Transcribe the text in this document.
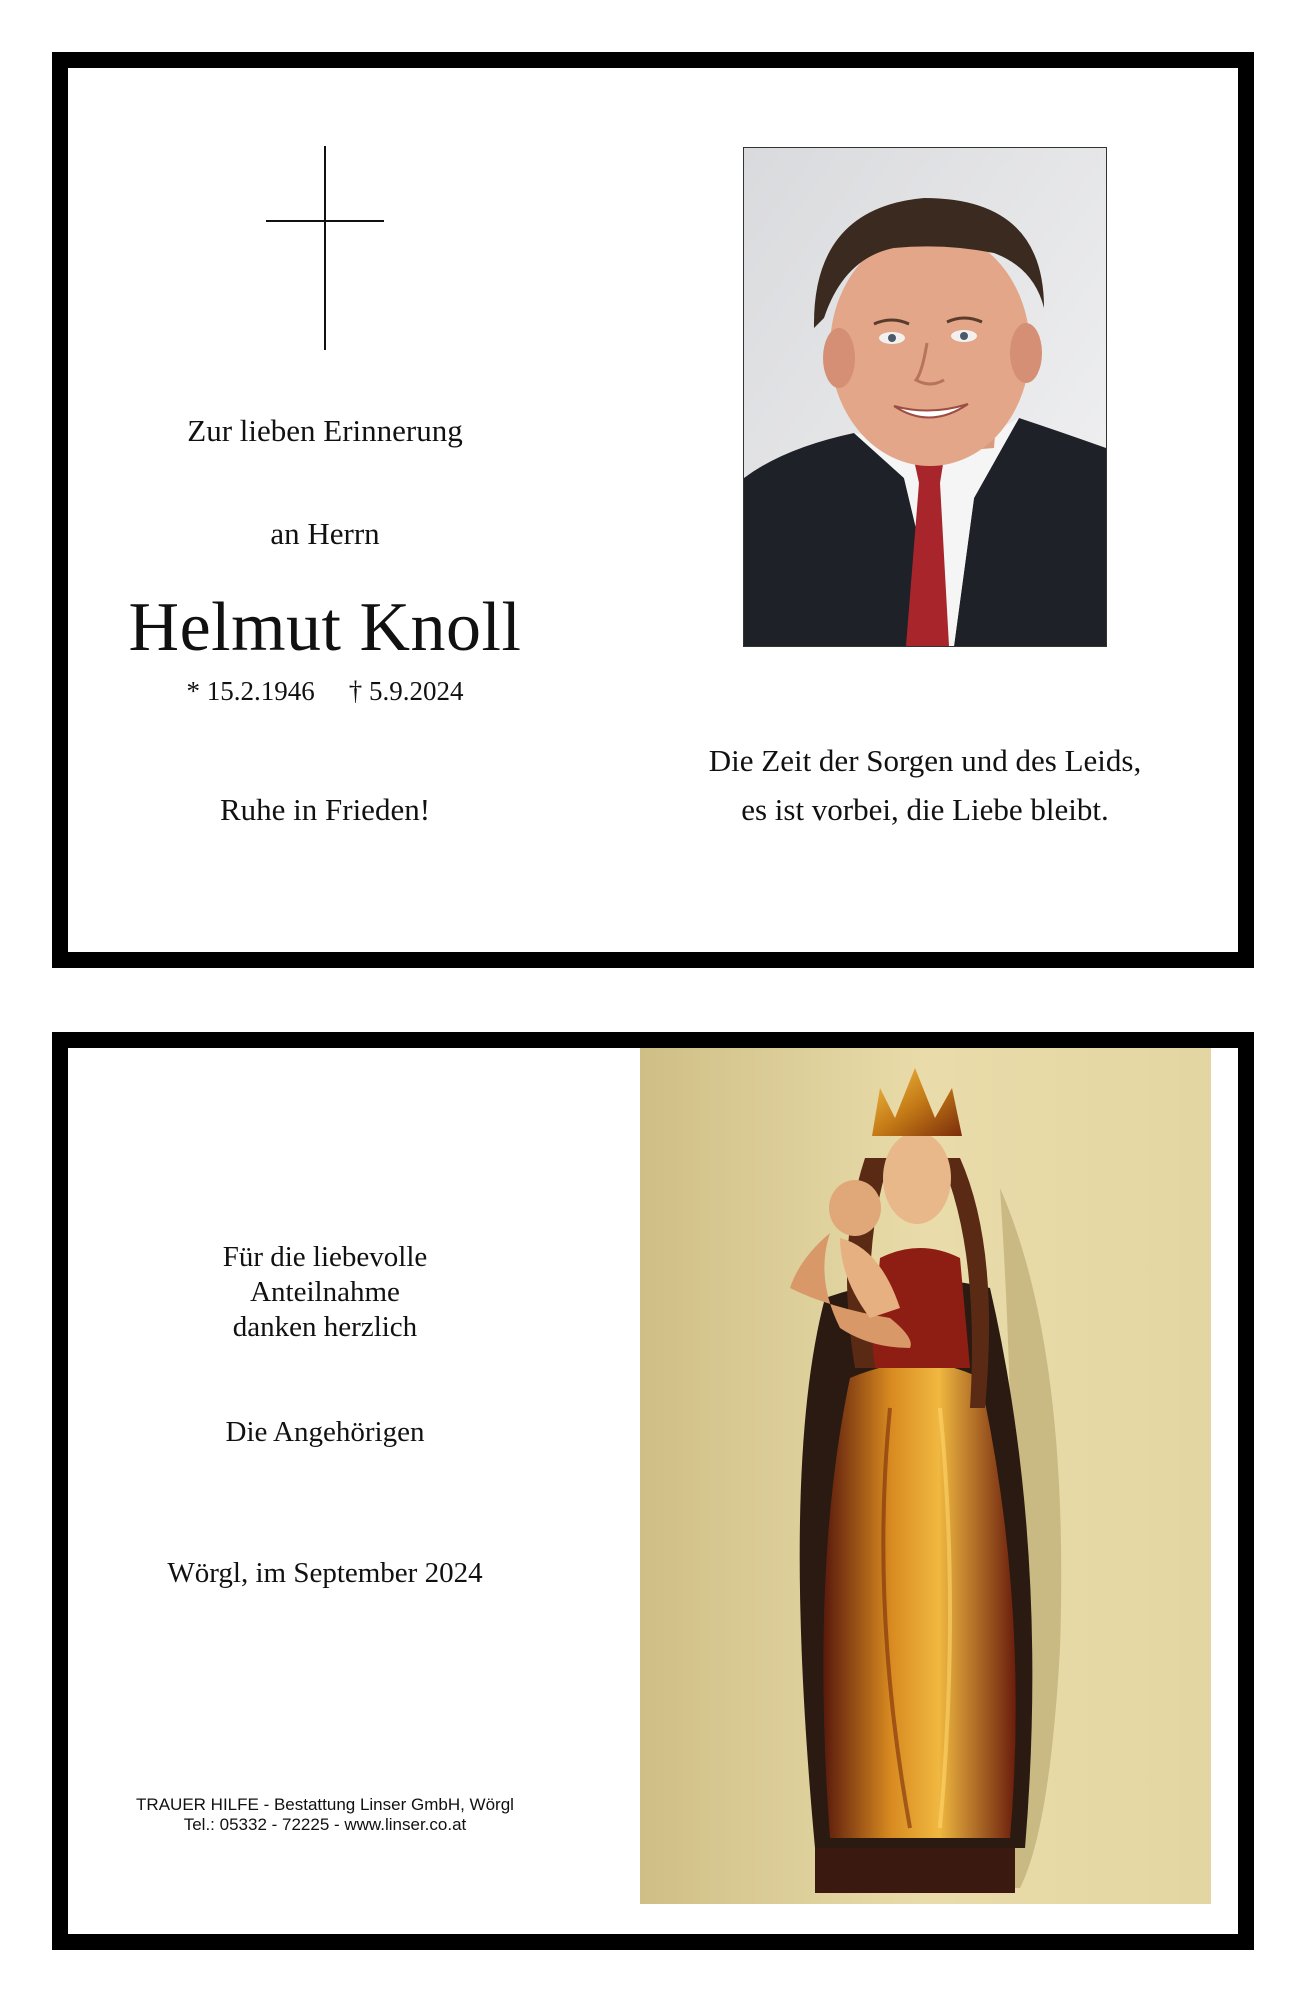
Zur lieben Erinnerung
an Herrn
Helmut Knoll
* 15.2.1946 † 5.9.2024
Ruhe in Frieden!
Die Zeit der Sorgen und des Leids,
es ist vorbei, die Liebe bleibt.
Für die liebevolle
Anteilnahme
danken herzlich
Die Angehörigen
Wörgl, im September 2024
TRAUER HILFE - Bestattung Linser GmbH, Wörgl
Tel.: 05332 - 72225 - www.linser.co.at
